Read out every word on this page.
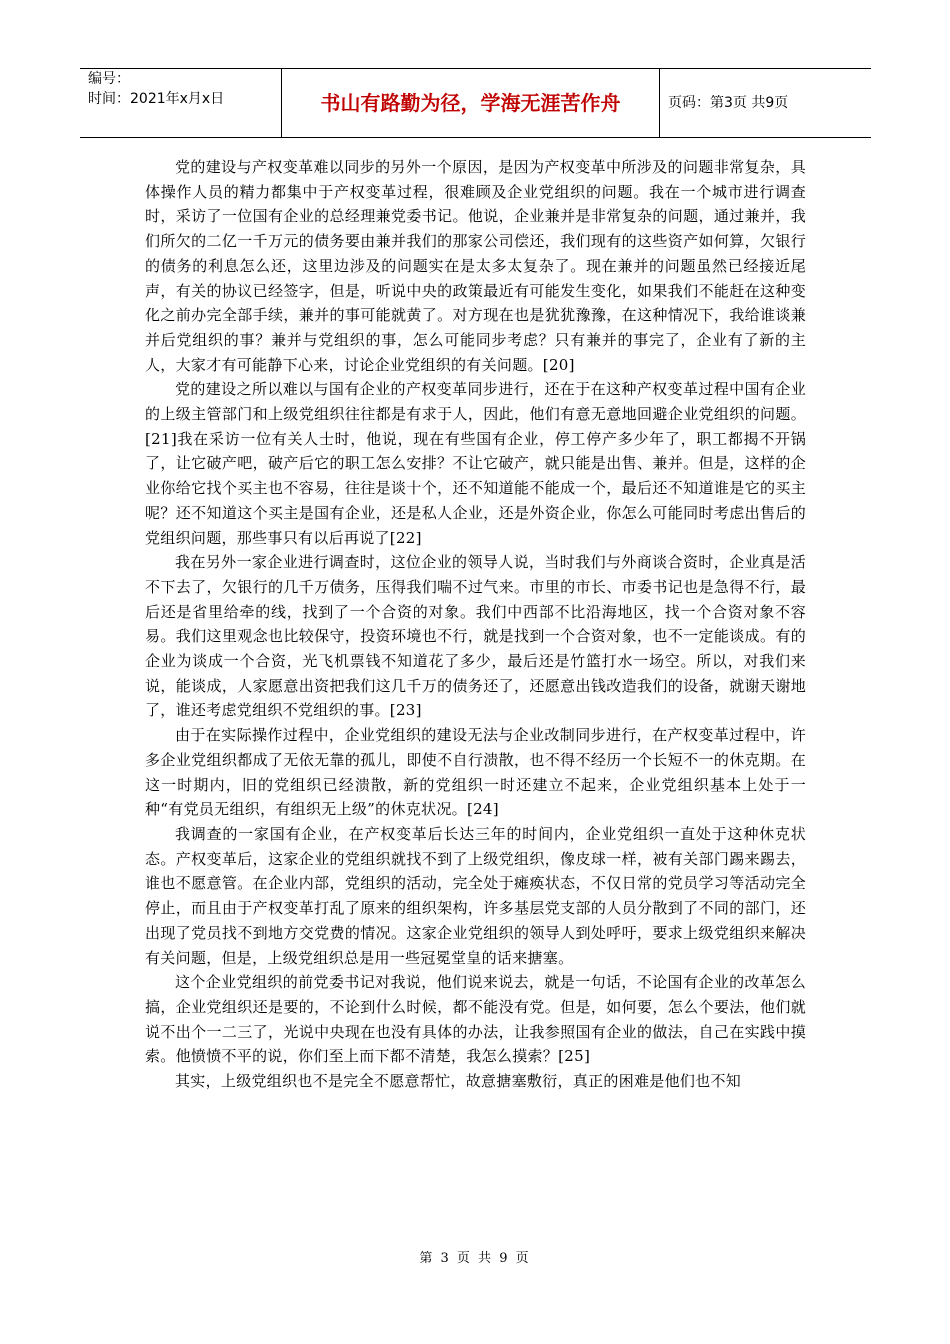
编号：
时间：2021年x月x日	书山有路勤为径，学海无涯苦作舟	页码：第3页 共9页

党的建设与产权变革难以同步的另外一个原因，是因为产权变革中所涉及的问题非常复杂，具体操作人员的精力都集中于产权变革过程，很难顾及企业党组织的问题。我在一个城市进行调查时，采访了一位国有企业的总经理兼党委书记。他说，企业兼并是非常复杂的问题，通过兼并，我们所欠的二亿一千万元的债务要由兼并我们的那家公司偿还，我们现有的这些资产如何算，欠银行的债务的利息怎么还，这里边涉及的问题实在是太多太复杂了。现在兼并的问题虽然已经接近尾声，有关的协议已经签字，但是，听说中央的政策最近有可能发生变化，如果我们不能赶在这种变化之前办完全部手续，兼并的事可能就黄了。对方现在也是犹犹豫豫，在这种情况下，我给谁谈兼并后党组织的事？兼并与党组织的事，怎么可能同步考虑？只有兼并的事完了，企业有了新的主人，大家才有可能静下心来，讨论企业党组织的有关问题。[20]

党的建设之所以难以与国有企业的产权变革同步进行，还在于在这种产权变革过程中国有企业的上级主管部门和上级党组织往往都是有求于人，因此，他们有意无意地回避企业党组织的问题。[21]我在采访一位有关人士时，他说，现在有些国有企业，停工停产多少年了，职工都揭不开锅了，让它破产吧，破产后它的职工怎么安排？不让它破产，就只能是出售、兼并。但是，这样的企业你给它找个买主也不容易，往往是谈十个，还不知道能不能成一个，最后还不知道谁是它的买主呢？还不知道这个买主是国有企业，还是私人企业，还是外资企业，你怎么可能同时考虑出售后的党组织问题，那些事只有以后再说了[22]

我在另外一家企业进行调查时，这位企业的领导人说，当时我们与外商谈合资时，企业真是活不下去了，欠银行的几千万债务，压得我们喘不过气来。市里的市长、市委书记也是急得不行，最后还是省里给牵的线，找到了一个合资的对象。我们中西部不比沿海地区，找一个合资对象不容易。我们这里观念也比较保守，投资环境也不行，就是找到一个合资对象，也不一定能谈成。有的企业为谈成一个合资，光飞机票钱不知道花了多少，最后还是竹篮打水一场空。所以，对我们来说，能谈成，人家愿意出资把我们这几千万的债务还了，还愿意出钱改造我们的设备，就谢天谢地了，谁还考虑党组织不党组织的事。[23]

由于在实际操作过程中，企业党组织的建设无法与企业改制同步进行，在产权变革过程中，许多企业党组织都成了无依无靠的孤儿，即使不自行溃散，也不得不经历一个长短不一的休克期。在这一时期内，旧的党组织已经溃散，新的党组织一时还建立不起来，企业党组织基本上处于一种“有党员无组织，有组织无上级”的休克状况。[24]

我调查的一家国有企业，在产权变革后长达三年的时间内，企业党组织一直处于这种休克状态。产权变革后，这家企业的党组织就找不到了上级党组织，像皮球一样，被有关部门踢来踢去，谁也不愿意管。在企业内部，党组织的活动，完全处于瘫痪状态，不仅日常的党员学习等活动完全停止，而且由于产权变革打乱了原来的组织架构，许多基层党支部的人员分散到了不同的部门，还出现了党员找不到地方交党费的情况。这家企业党组织的领导人到处呼吁，要求上级党组织来解决有关问题，但是，上级党组织总是用一些冠冕堂皇的话来搪塞。

这个企业党组织的前党委书记对我说，他们说来说去，就是一句话，不论国有企业的改革怎么搞，企业党组织还是要的，不论到什么时候，都不能没有党。但是，如何要，怎么个要法，他们就说不出个一二三了，光说中央现在也没有具体的办法，让我参照国有企业的做法，自己在实践中摸索。他愤愤不平的说，你们至上而下都不清楚，我怎么摸索？[25]

其实，上级党组织也不是完全不愿意帮忙，故意搪塞敷衍，真正的困难是他们也不知

第 3 页 共 9 页
